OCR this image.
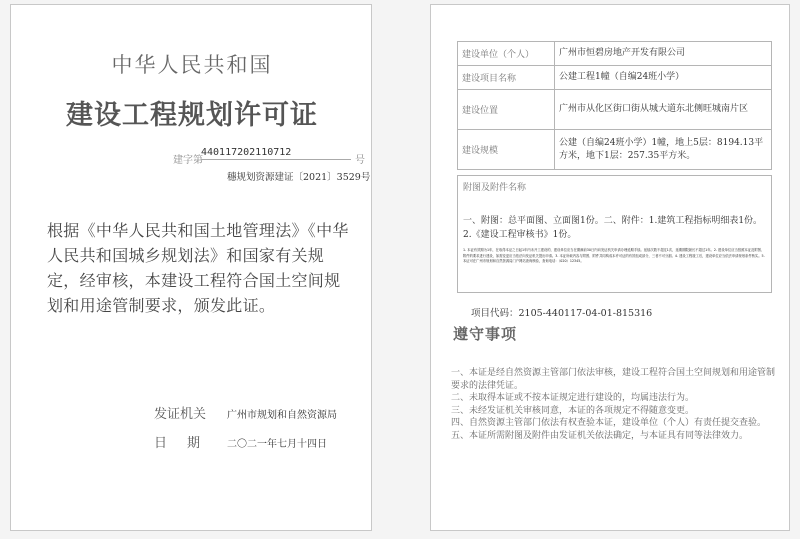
中华人民共和国
建设工程规划许可证
建字第
440117202110712
号
穗规划资源建证〔2021〕3529号
根据《中华人民共和国土地管理法》《中华人民共和国城乡规划法》和国家有关规定，经审核，本建设工程符合国土空间规划和用途管制要求，颁发此证。
发证机关 广州市规划和自然资源局
日期 二〇二一年七月十四日
建设单位（个人）	广州市恒碧房地产开发有限公司
建设项目名称	公建工程1幢（自编24班小学）
建设位置	广州市从化区街口街从城大道东北侧旺城南片区
建设规模	公建（自编24班小学）1幢，地上5层：8194.13平方米，地下1层：257.35平方米。
附图及附件名称
一、附图：总平面图、立面图1份。二、附件：1.建筑工程指标明细表1份。2.《建设工程审核书》1份。
1. 本证有效期为1年，在取得本证之日起1年内未开工建设的，建设单位应当在期满前30日内向发证机关申请办理延期手续。延续次数不超过1次，延期期限最长不超过1年。2. 建设单位应当按照本证及附图、附件的要求进行建设，如需变更应当依法向发证机关提出申请。3. 本证所载内容与附图、附件共同构成本许可证的有效组成部分，三者不可分割。4. 建设工程竣工后，建设单位应当依法申请规划条件核实。5. 本证可在广州市规划和自然资源局门户网站查询核验，查询电话：（020）12345。
项目代码：2105-440117-04-01-815316
遵守事项
一、本证是经自然资源主管部门依法审核，建设工程符合国土空间规划和用途管制要求的法律凭证。
二、未取得本证或不按本证规定进行建设的，均属违法行为。
三、未经发证机关审核同意，本证的各项规定不得随意变更。
四、自然资源主管部门依法有权查验本证，建设单位（个人）有责任提交查验。
五、本证所需附图及附件由发证机关依法确定，与本证具有同等法律效力。
